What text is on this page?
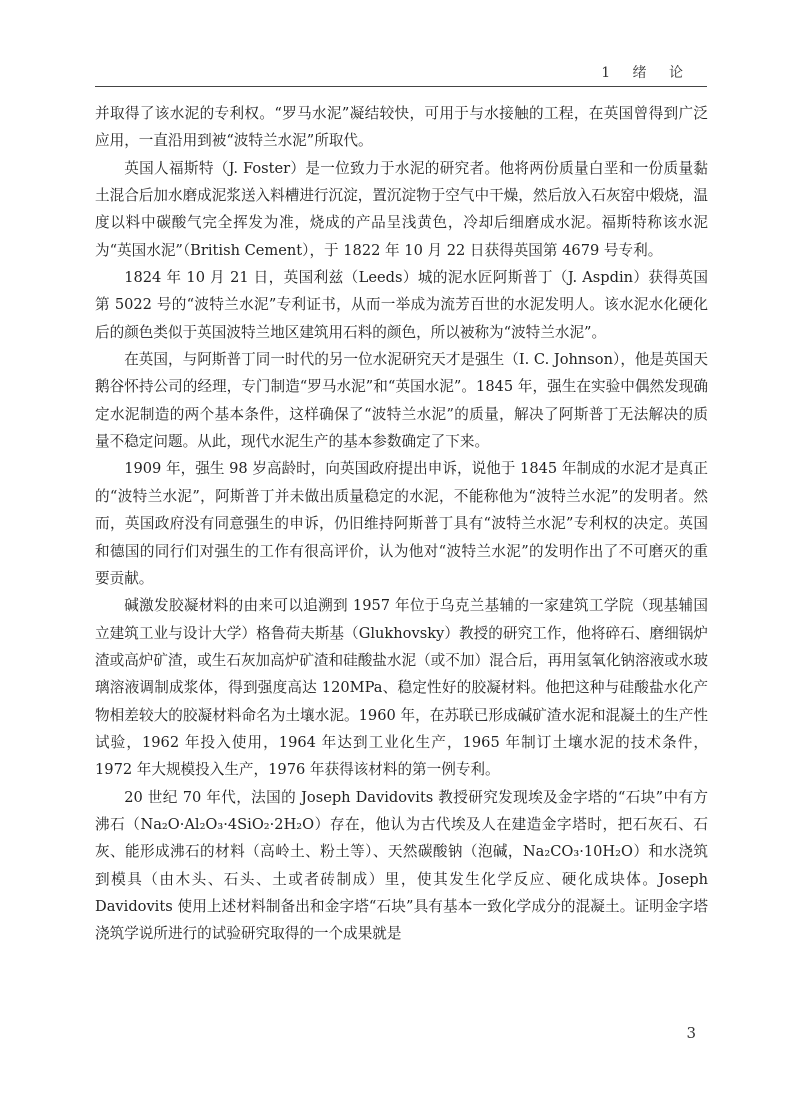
1 绪 论

并取得了该水泥的专利权。“罗马水泥”凝结较快，可用于与水接触的工程，在英国曾得到广泛应用，一直沿用到被“波特兰水泥”所取代。

英国人福斯特（J. Foster）是一位致力于水泥的研究者。他将两份质量白垩和一份质量黏土混合后加水磨成泥浆送入料槽进行沉淀，置沉淀物于空气中干燥，然后放入石灰窑中煅烧，温度以料中碳酸气完全挥发为准，烧成的产品呈浅黄色，冷却后细磨成水泥。福斯特称该水泥为“英国水泥”（British Cement），于 1822 年 10 月 22 日获得英国第 4679 号专利。

1824 年 10 月 21 日，英国利兹（Leeds）城的泥水匠阿斯普丁（J. Aspdin）获得英国第 5022 号的“波特兰水泥”专利证书，从而一举成为流芳百世的水泥发明人。该水泥水化硬化后的颜色类似于英国波特兰地区建筑用石料的颜色，所以被称为“波特兰水泥”。

在英国，与阿斯普丁同一时代的另一位水泥研究天才是强生（I. C. Johnson），他是英国天鹅谷怀持公司的经理，专门制造“罗马水泥”和“英国水泥”。1845 年，强生在实验中偶然发现确定水泥制造的两个基本条件，这样确保了“波特兰水泥”的质量，解决了阿斯普丁无法解决的质量不稳定问题。从此，现代水泥生产的基本参数确定了下来。

1909 年，强生 98 岁高龄时，向英国政府提出申诉，说他于 1845 年制成的水泥才是真正的“波特兰水泥”，阿斯普丁并未做出质量稳定的水泥，不能称他为“波特兰水泥”的发明者。然而，英国政府没有同意强生的申诉，仍旧维持阿斯普丁具有“波特兰水泥”专利权的决定。英国和德国的同行们对强生的工作有很高评价，认为他对“波特兰水泥”的发明作出了不可磨灭的重要贡献。

碱激发胶凝材料的由来可以追溯到 1957 年位于乌克兰基辅的一家建筑工学院（现基辅国立建筑工业与设计大学）格鲁荷夫斯基（Glukhovsky）教授的研究工作，他将碎石、磨细锅炉渣或高炉矿渣，或生石灰加高炉矿渣和硅酸盐水泥（或不加）混合后，再用氢氧化钠溶液或水玻璃溶液调制成浆体，得到强度高达 120MPa、稳定性好的胶凝材料。他把这种与硅酸盐水化产物相差较大的胶凝材料命名为土壤水泥。1960 年，在苏联已形成碱矿渣水泥和混凝土的生产性试验，1962 年投入使用，1964 年达到工业化生产，1965 年制订土壤水泥的技术条件，1972 年大规模投入生产，1976 年获得该材料的第一例专利。

20 世纪 70 年代，法国的 Joseph Davidovits 教授研究发现埃及金字塔的“石块”中有方沸石（Na₂O·Al₂O₃·4SiO₂·2H₂O）存在，他认为古代埃及人在建造金字塔时，把石灰石、石灰、能形成沸石的材料（高岭土、粉土等）、天然碳酸钠（泡碱，Na₂CO₃·10H₂O）和水浇筑到模具（由木头、石头、土或者砖制成）里，使其发生化学反应、硬化成块体。Joseph Davidovits 使用上述材料制备出和金字塔“石块”具有基本一致化学成分的混凝土。证明金字塔浇筑学说所进行的试验研究取得的一个成果就是

3
